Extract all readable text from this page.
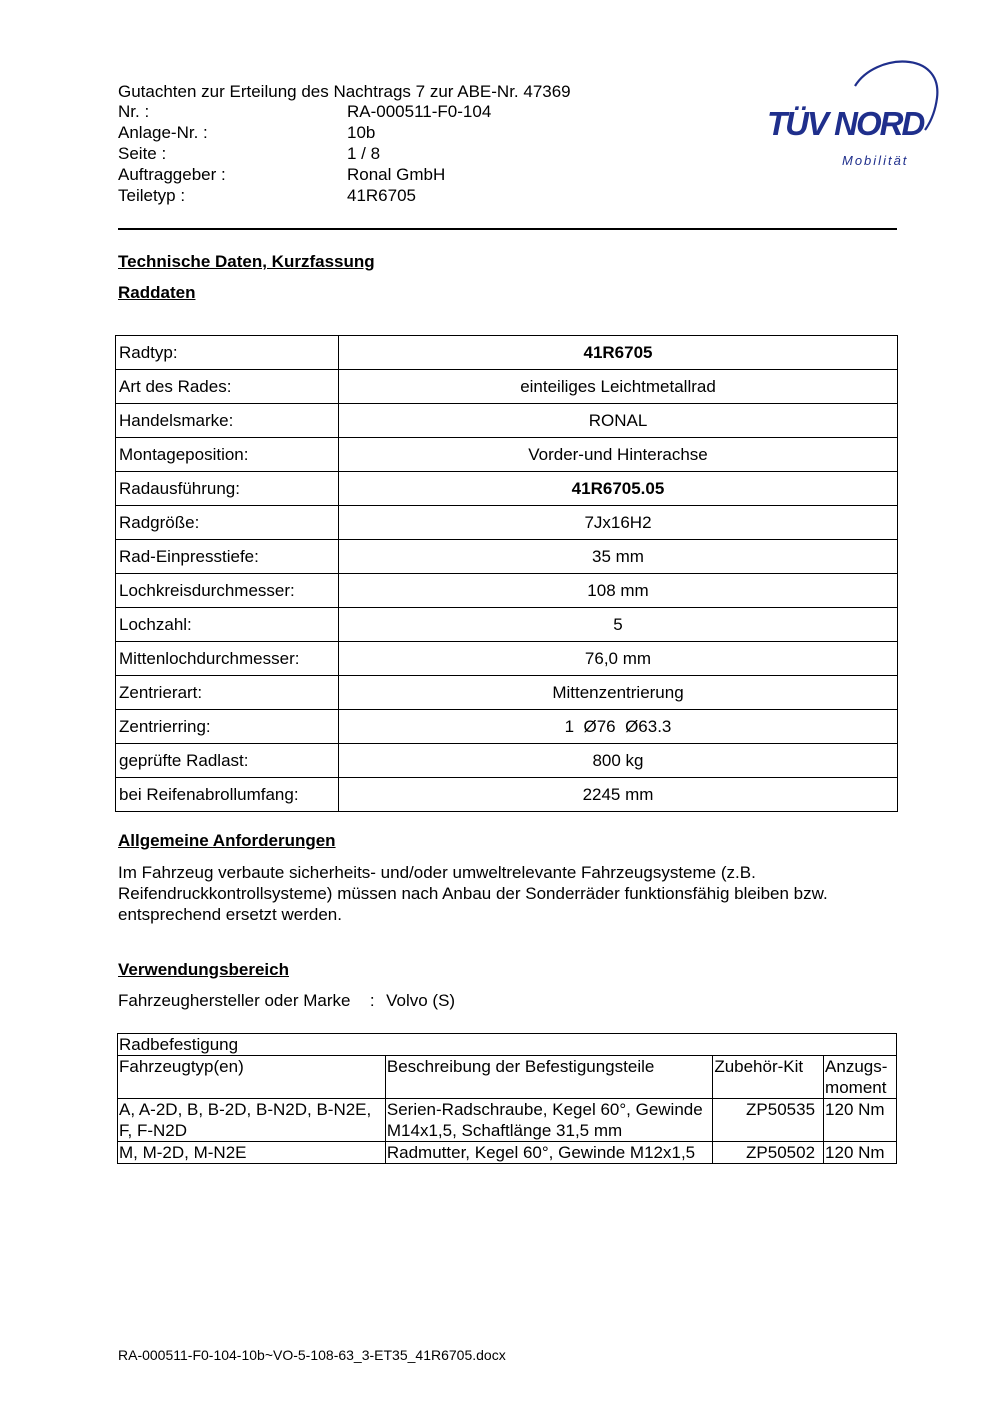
Gutachten zur Erteilung des Nachtrags 7 zur ABE-Nr. 47369
Nr. :	RA-000511-F0-104
Anlage-Nr. :	10b
Seite :	1 / 8
Auftraggeber :	Ronal GmbH
Teiletyp :	41R6705
TÜV NORD
Mobilität
Technische Daten, Kurzfassung
Raddaten
Radtyp:	41R6705
Art des Rades:	einteiliges Leichtmetallrad
Handelsmarke:	RONAL
Montageposition:	Vorder-und Hinterachse
Radausführung:	41R6705.05
Radgröße:	7Jx16H2
Rad-Einpresstiefe:	35 mm
Lochkreisdurchmesser:	108 mm
Lochzahl:	5
Mittenlochdurchmesser:	76,0 mm
Zentrierart:	Mittenzentrierung
Zentrierring:	1  Ø76  Ø63.3
geprüfte Radlast:	800 kg
bei Reifenabrollumfang:	2245 mm
Allgemeine Anforderungen
Im Fahrzeug verbaute sicherheits- und/oder umweltrelevante Fahrzeugsysteme (z.B. Reifendruckkontrollsysteme) müssen nach Anbau der Sonderräder funktionsfähig bleiben bzw. entsprechend ersetzt werden.
Verwendungsbereich
Fahrzeughersteller oder Marke : Volvo (S)
Radbefestigung			
Fahrzeugtyp(en)	Beschreibung der Befestigungsteile	Zubehör-Kit	Anzugs-moment
A, A-2D, B, B-2D, B-N2D, B-N2E, F, F-N2D	Serien-Radschraube, Kegel 60°, Gewinde M14x1,5, Schaftlänge 31,5 mm	ZP50535	120 Nm
M, M-2D, M-N2E	Radmutter, Kegel 60°, Gewinde M12x1,5	ZP50502	120 Nm
RA-000511-F0-104-10b~VO-5-108-63_3-ET35_41R6705.docx
